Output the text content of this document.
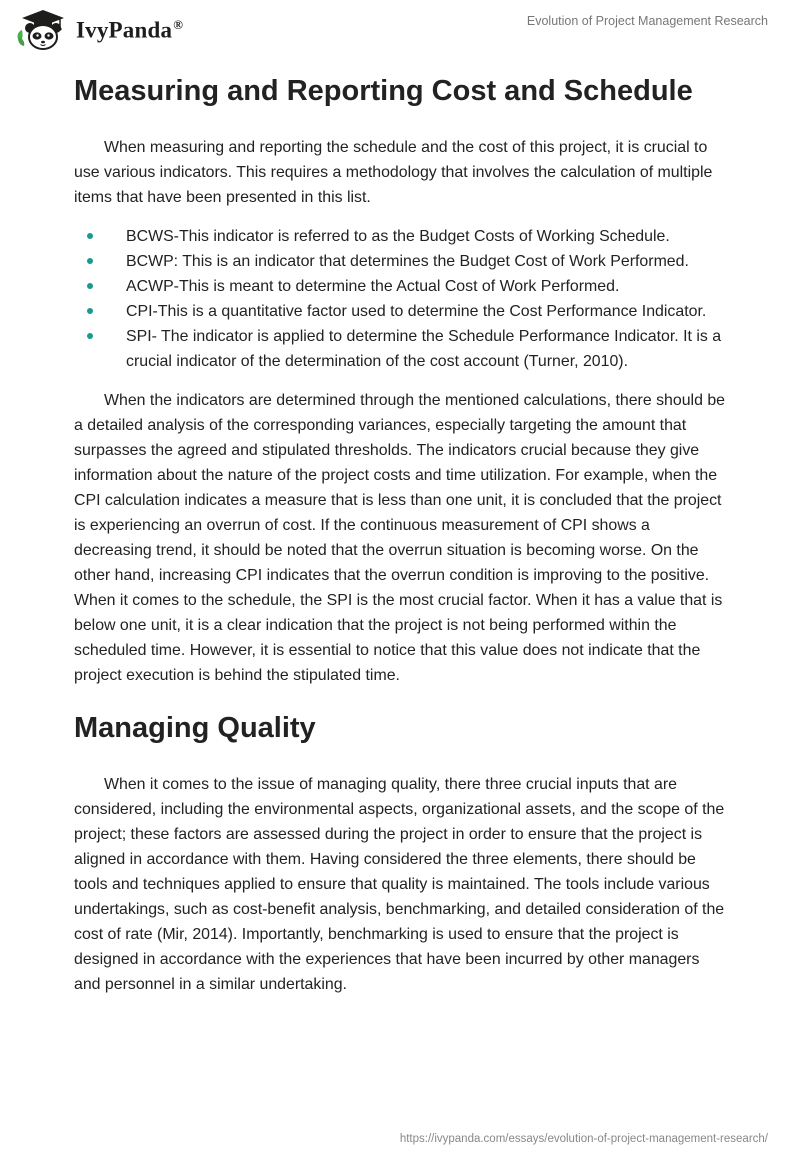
IvyPanda®	Evolution of Project Management Research
Measuring and Reporting Cost and Schedule

When measuring and reporting the schedule and the cost of this project, it is crucial to use various indicators. This requires a methodology that involves the calculation of multiple items that have been presented in this list.

BCWS-This indicator is referred to as the Budget Costs of Working Schedule.
BCWP: This is an indicator that determines the Budget Cost of Work Performed.
ACWP-This is meant to determine the Actual Cost of Work Performed.
CPI-This is a quantitative factor used to determine the Cost Performance Indicator.
SPI- The indicator is applied to determine the Schedule Performance Indicator. It is a crucial indicator of the determination of the cost account (Turner, 2010).

When the indicators are determined through the mentioned calculations, there should be a detailed analysis of the corresponding variances, especially targeting the amount that surpasses the agreed and stipulated thresholds. The indicators crucial because they give information about the nature of the project costs and time utilization. For example, when the CPI calculation indicates a measure that is less than one unit, it is concluded that the project is experiencing an overrun of cost. If the continuous measurement of CPI shows a decreasing trend, it should be noted that the overrun situation is becoming worse. On the other hand, increasing CPI indicates that the overrun condition is improving to the positive. When it comes to the schedule, the SPI is the most crucial factor. When it has a value that is below one unit, it is a clear indication that the project is not being performed within the scheduled time. However, it is essential to notice that this value does not indicate that the project execution is behind the stipulated time.

Managing Quality

When it comes to the issue of managing quality, there three crucial inputs that are considered, including the environmental aspects, organizational assets, and the scope of the project; these factors are assessed during the project in order to ensure that the project is aligned in accordance with them. Having considered the three elements, there should be tools and techniques applied to ensure that quality is maintained. The tools include various undertakings, such as cost-benefit analysis, benchmarking, and detailed consideration of the cost of rate (Mir, 2014). Importantly, benchmarking is used to ensure that the project is designed in accordance with the experiences that have been incurred by other managers and personnel in a similar undertaking.

https://ivypanda.com/essays/evolution-of-project-management-research/
